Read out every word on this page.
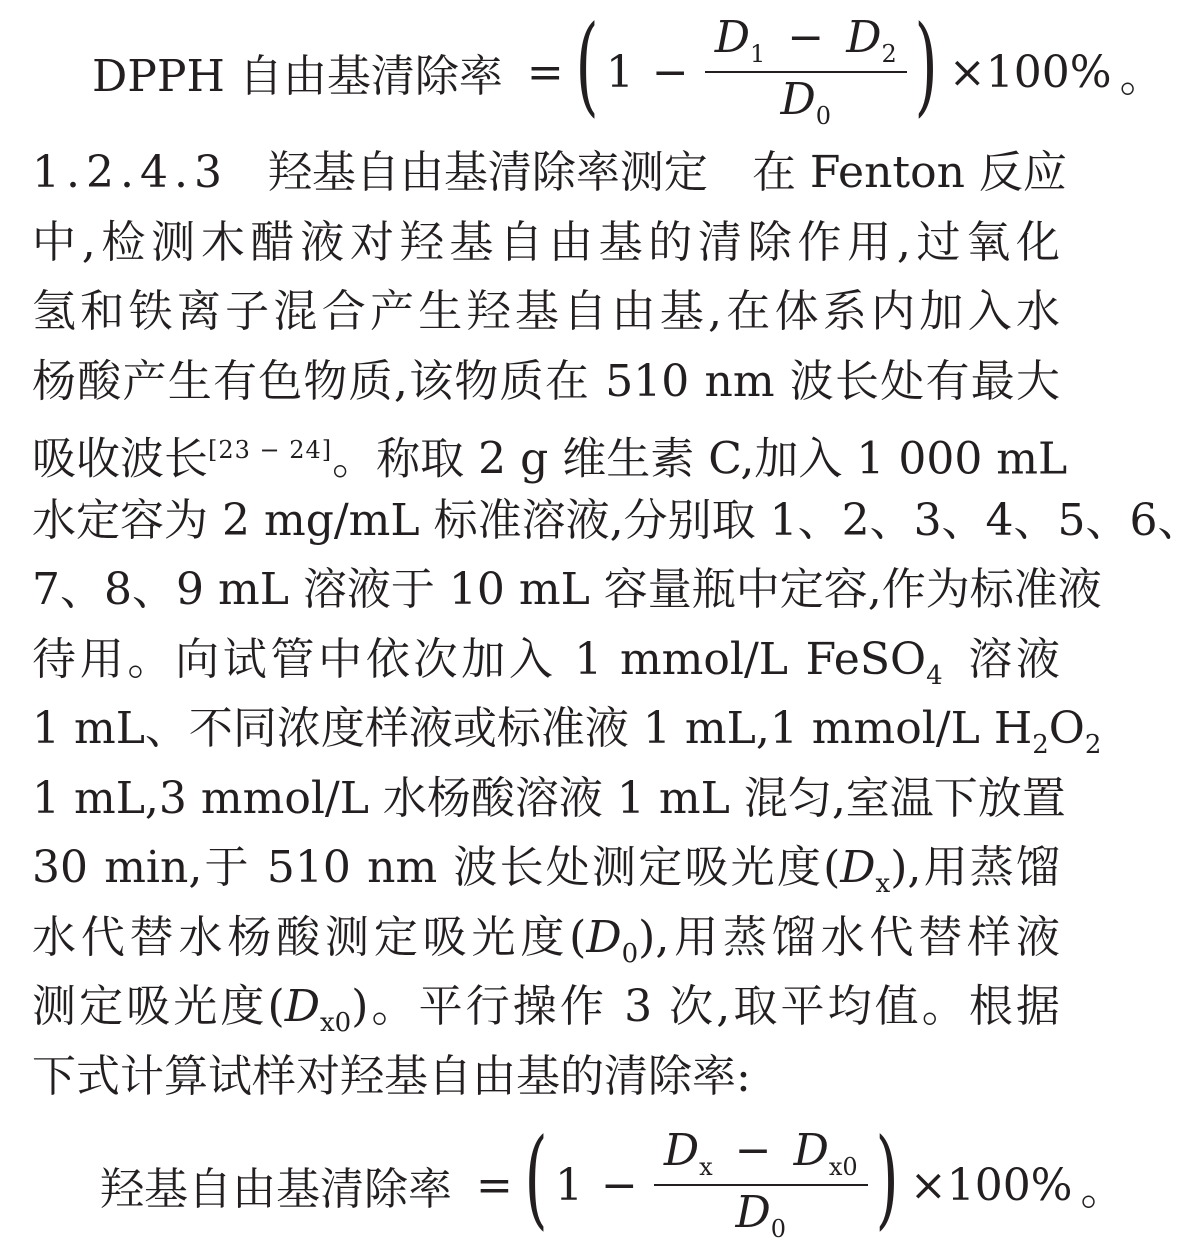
DPPH 自由基清除率 = ( $1 - \frac{D_1 - D_2}{D_0}$ ) × 100% 。
1.2.4.3 羟基自由基清除率测定  在 Fenton 反应
中,检测木醋液对羟基自由基的清除作用,过氧化
氢和铁离子混合产生羟基自由基,在体系内加入水
杨酸产生有色物质,该物质在 510 nm 波长处有最大
吸收波长[23 − 24]。称取 2 g 维生素 C,加入 1 000 mL
水定容为 2 mg/mL 标准溶液,分别取 1、2、3、4、5、6、
7、8、9 mL 溶液于 10 mL 容量瓶中定容,作为标准液
待用。向试管中依次加入 1 mmol/L FeSO$_4$  溶液
1 mL、不同浓度样液或标准液 1 mL,1 mmol/L $H_2O_2$
1 mL,3 mmol/L 水杨酸溶液 1 mL 混匀,室温下放置
30 min,于 510 nm 波长处测定吸光度$(D_x)$,用蒸馏
水代替水杨酸测定吸光度$(D_0)$,用蒸馏水代替样液
测定吸光度$(D_{x0})$。平行操作 3 次,取平均值。根据
下式计算试样对羟基自由基的清除率:
羟基自由基清除率 = ( $1 - \frac{D_x - D_{x0}}{D_0}$ ) × 100% 。
